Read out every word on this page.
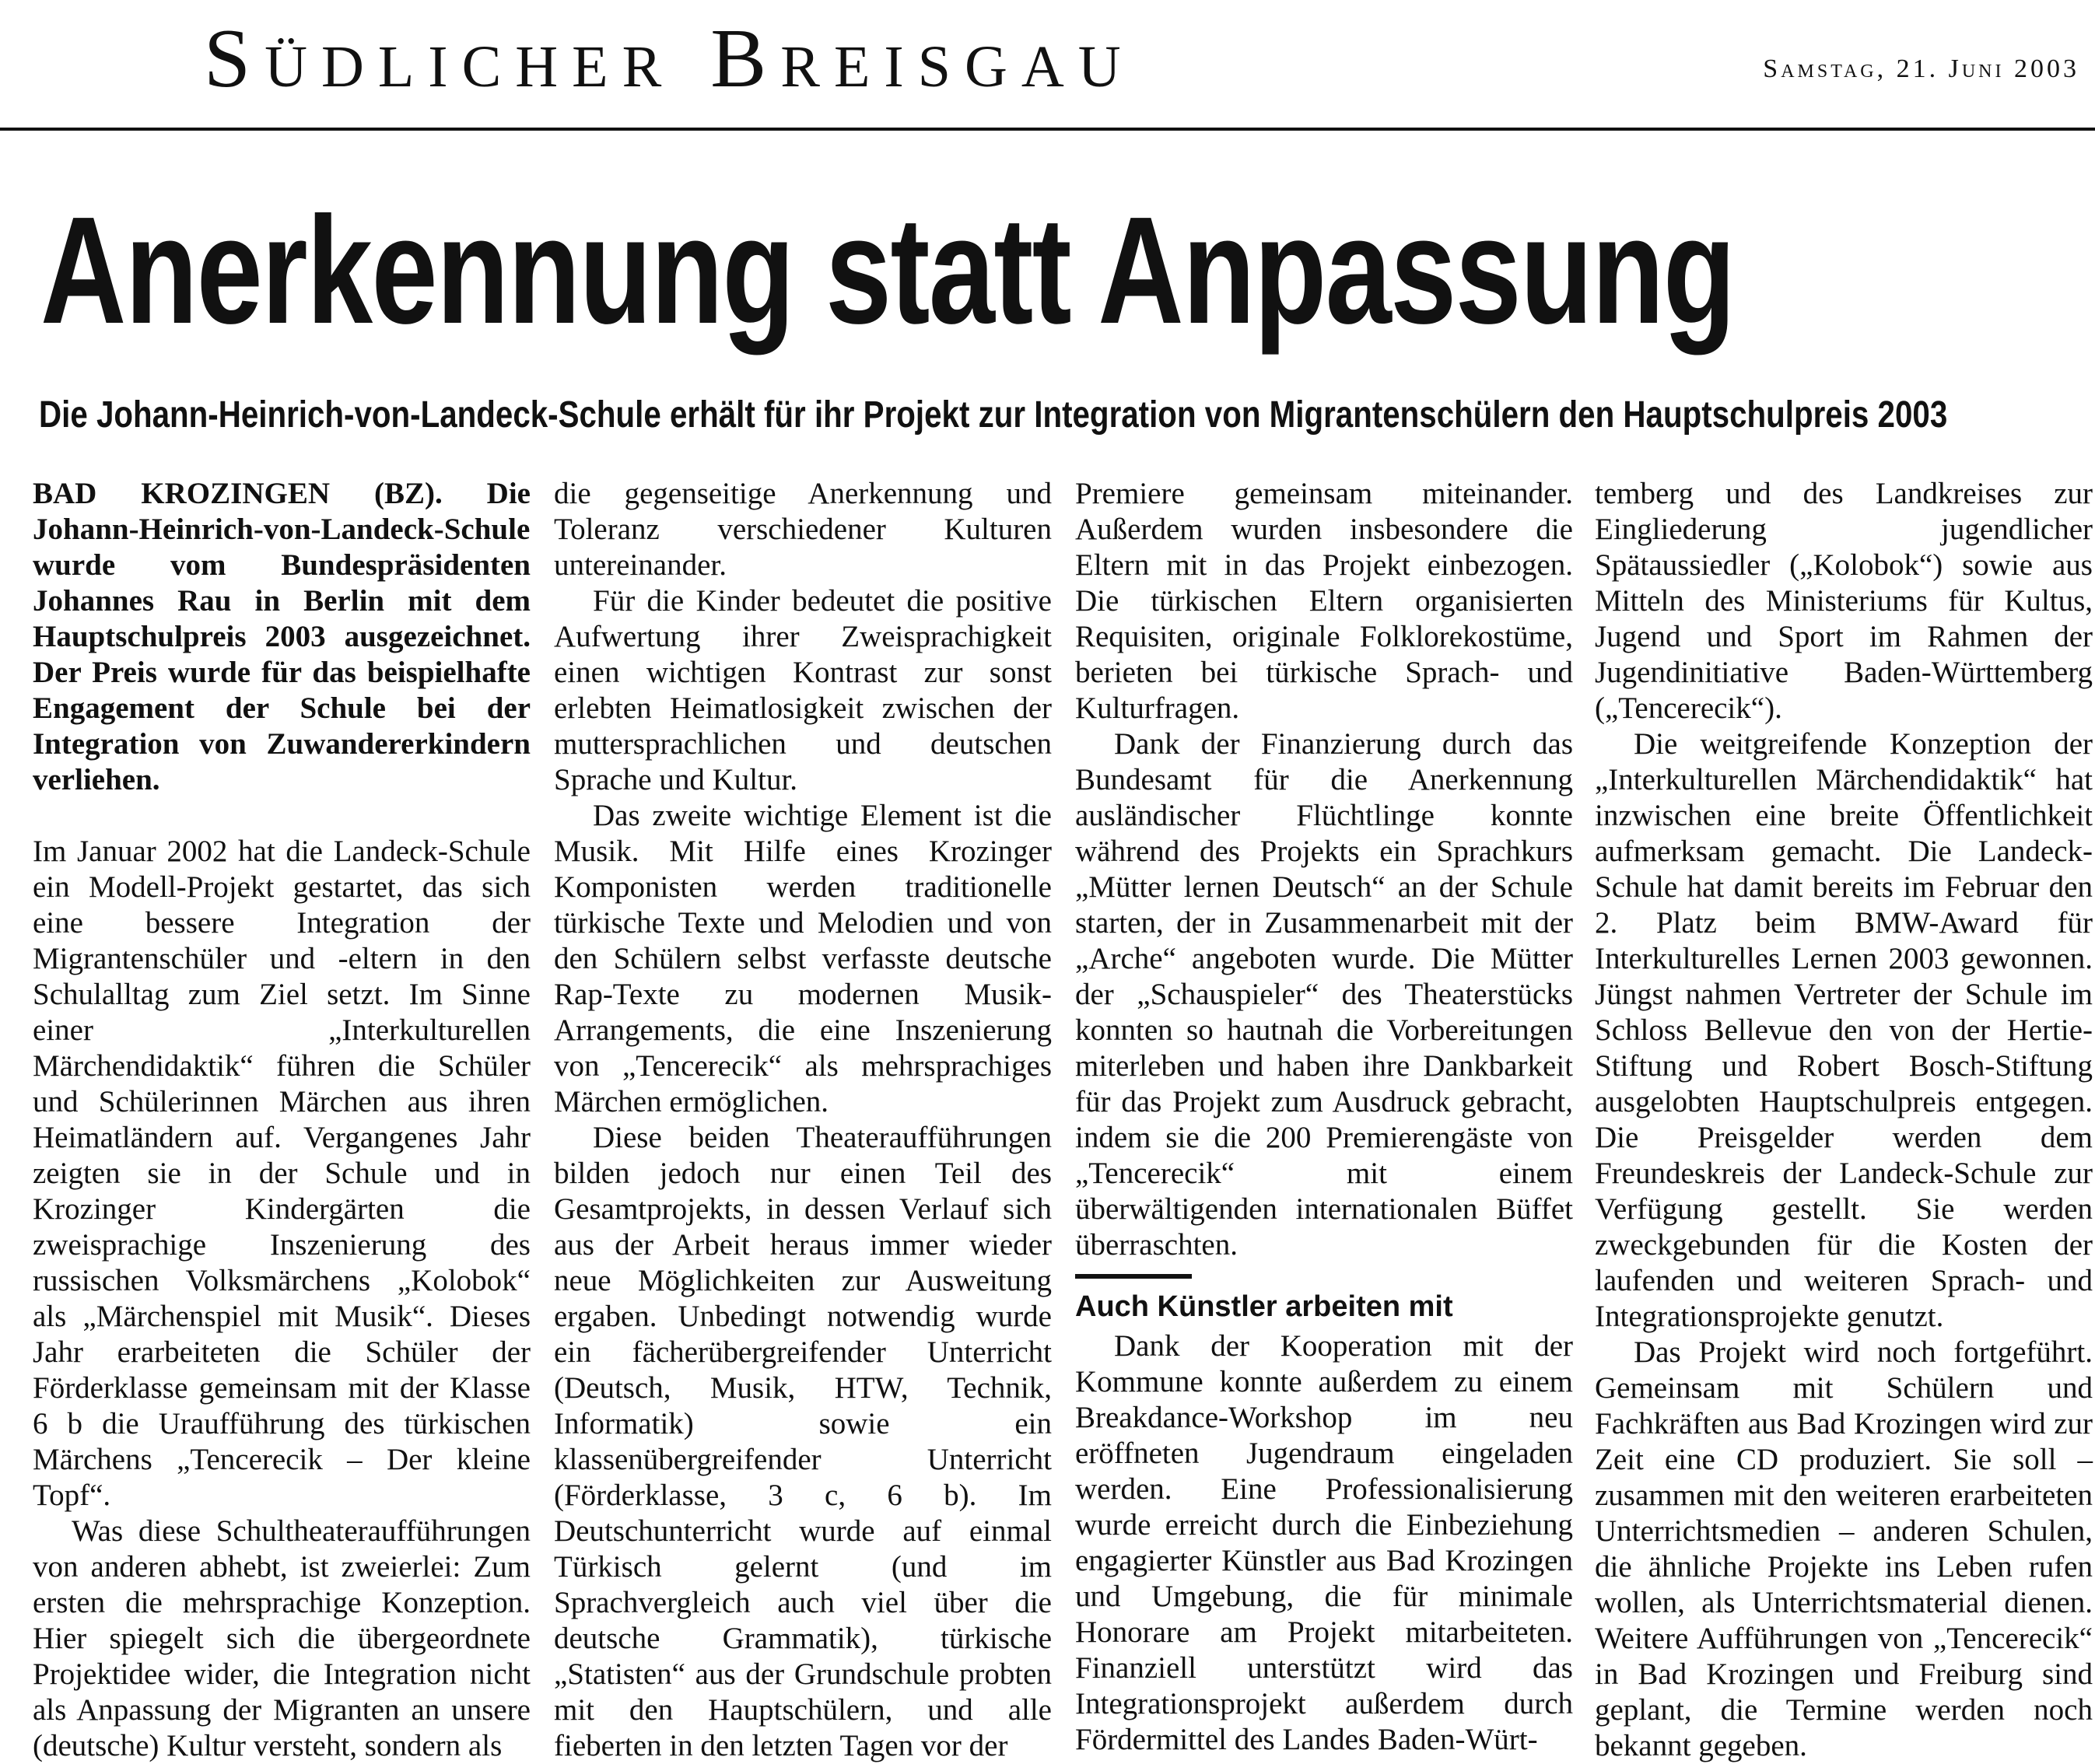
Südlicher Breisgau	Samstag, 21. Juni 2003
Anerkennung statt Anpassung
Die Johann-Heinrich-von-Landeck-Schule erhält für ihr Projekt zur Integration von Migrantenschülern den Hauptschulpreis 2003

BAD KROZINGEN (BZ). Die Johann-Heinrich-von-Landeck-Schule wurde vom Bundespräsidenten Johannes Rau in Berlin mit dem Hauptschulpreis 2003 ausgezeichnet. Der Preis wurde für das beispielhafte Engagement der Schule bei der Integration von Zuwandererkindern verliehen.

Im Januar 2002 hat die Landeck-Schule ein Modell-Projekt gestartet, das sich eine bessere Integration der Migrantenschüler und -eltern in den Schulalltag zum Ziel setzt. Im Sinne einer „Interkulturellen Märchendidaktik“ führen die Schüler und Schülerinnen Märchen aus ihren Heimatländern auf. Vergangenes Jahr zeigten sie in der Schule und in Krozinger Kindergärten die zweisprachige Inszenierung des russischen Volksmärchens „Kolobok“ als „Märchenspiel mit Musik“. Dieses Jahr erarbeiteten die Schüler der Förderklasse gemeinsam mit der Klasse 6 b die Uraufführung des türkischen Märchens „Tencerecik – Der kleine Topf“.

Was diese Schultheateraufführungen von anderen abhebt, ist zweierlei: Zum ersten die mehrsprachige Konzeption. Hier spiegelt sich die übergeordnete Projektidee wider, die Integration nicht als Anpassung der Migranten an unsere (deutsche) Kultur versteht, sondern als

die gegenseitige Anerkennung und Toleranz verschiedener Kulturen untereinander.

Für die Kinder bedeutet die positive Aufwertung ihrer Zweisprachigkeit einen wichtigen Kontrast zur sonst erlebten Heimatlosigkeit zwischen der muttersprachlichen und deutschen Sprache und Kultur.

Das zweite wichtige Element ist die Musik. Mit Hilfe eines Krozinger Komponisten werden traditionelle türkische Texte und Melodien und von den Schülern selbst verfasste deutsche Rap-Texte zu modernen Musik-Arrangements, die eine Inszenierung von „Tencerecik“ als mehrsprachiges Märchen ermöglichen.

Diese beiden Theateraufführungen bilden jedoch nur einen Teil des Gesamtprojekts, in dessen Verlauf sich aus der Arbeit heraus immer wieder neue Möglichkeiten zur Ausweitung ergaben. Unbedingt notwendig wurde ein fächerübergreifender Unterricht (Deutsch, Musik, HTW, Technik, Informatik) sowie ein klassenübergreifender Unterricht (Förderklasse, 3 c, 6 b). Im Deutschunterricht wurde auf einmal Türkisch gelernt (und im Sprachvergleich auch viel über die deutsche Grammatik), türkische „Statisten“ aus der Grundschule probten mit den Hauptschülern, und alle fieberten in den letzten Tagen vor der

Premiere gemeinsam miteinander. Außerdem wurden insbesondere die Eltern mit in das Projekt einbezogen. Die türkischen Eltern organisierten Requisiten, originale Folklorekostüme, berieten bei türkische Sprach- und Kulturfragen.

Dank der Finanzierung durch das Bundesamt für die Anerkennung ausländischer Flüchtlinge konnte während des Projekts ein Sprachkurs „Mütter lernen Deutsch“ an der Schule starten, der in Zusammenarbeit mit der „Arche“ angeboten wurde. Die Mütter der „Schauspieler“ des Theaterstücks konnten so hautnah die Vorbereitungen miterleben und haben ihre Dankbarkeit für das Projekt zum Ausdruck gebracht, indem sie die 200 Premierengäste von „Tencerecik“ mit einem überwältigenden internationalen Büffet überraschten.

Auch Künstler arbeiten mit

Dank der Kooperation mit der Kommune konnte außerdem zu einem Breakdance-Workshop im neu eröffneten Jugendraum eingeladen werden. Eine Professionalisierung wurde erreicht durch die Einbeziehung engagierter Künstler aus Bad Krozingen und Umgebung, die für minimale Honorare am Projekt mitarbeiteten. Finanziell unterstützt wird das Integrationsprojekt außerdem durch Fördermittel des Landes Baden-Würt-

temberg und des Landkreises zur Eingliederung jugendlicher Spätaussiedler („Kolobok“) sowie aus Mitteln des Ministeriums für Kultus, Jugend und Sport im Rahmen der Jugendinitiative Baden-Württemberg („Tencerecik“).

Die weitgreifende Konzeption der „Interkulturellen Märchendidaktik“ hat inzwischen eine breite Öffentlichkeit aufmerksam gemacht. Die Landeck-Schule hat damit bereits im Februar den 2. Platz beim BMW-Award für Interkulturelles Lernen 2003 gewonnen. Jüngst nahmen Vertreter der Schule im Schloss Bellevue den von der Hertie-Stiftung und Robert Bosch-Stiftung ausgelobten Hauptschulpreis entgegen. Die Preisgelder werden dem Freundeskreis der Landeck-Schule zur Verfügung gestellt. Sie werden zweckgebunden für die Kosten der laufenden und weiteren Sprach- und Integrationsprojekte genutzt.

Das Projekt wird noch fortgeführt. Gemeinsam mit Schülern und Fachkräften aus Bad Krozingen wird zur Zeit eine CD produziert. Sie soll – zusammen mit den weiteren erarbeiteten Unterrichtsmedien – anderen Schulen, die ähnliche Projekte ins Leben rufen wollen, als Unterrichtsmaterial dienen. Weitere Aufführungen von „Tencerecik“ in Bad Krozingen und Freiburg sind geplant, die Termine werden noch bekannt gegeben.
